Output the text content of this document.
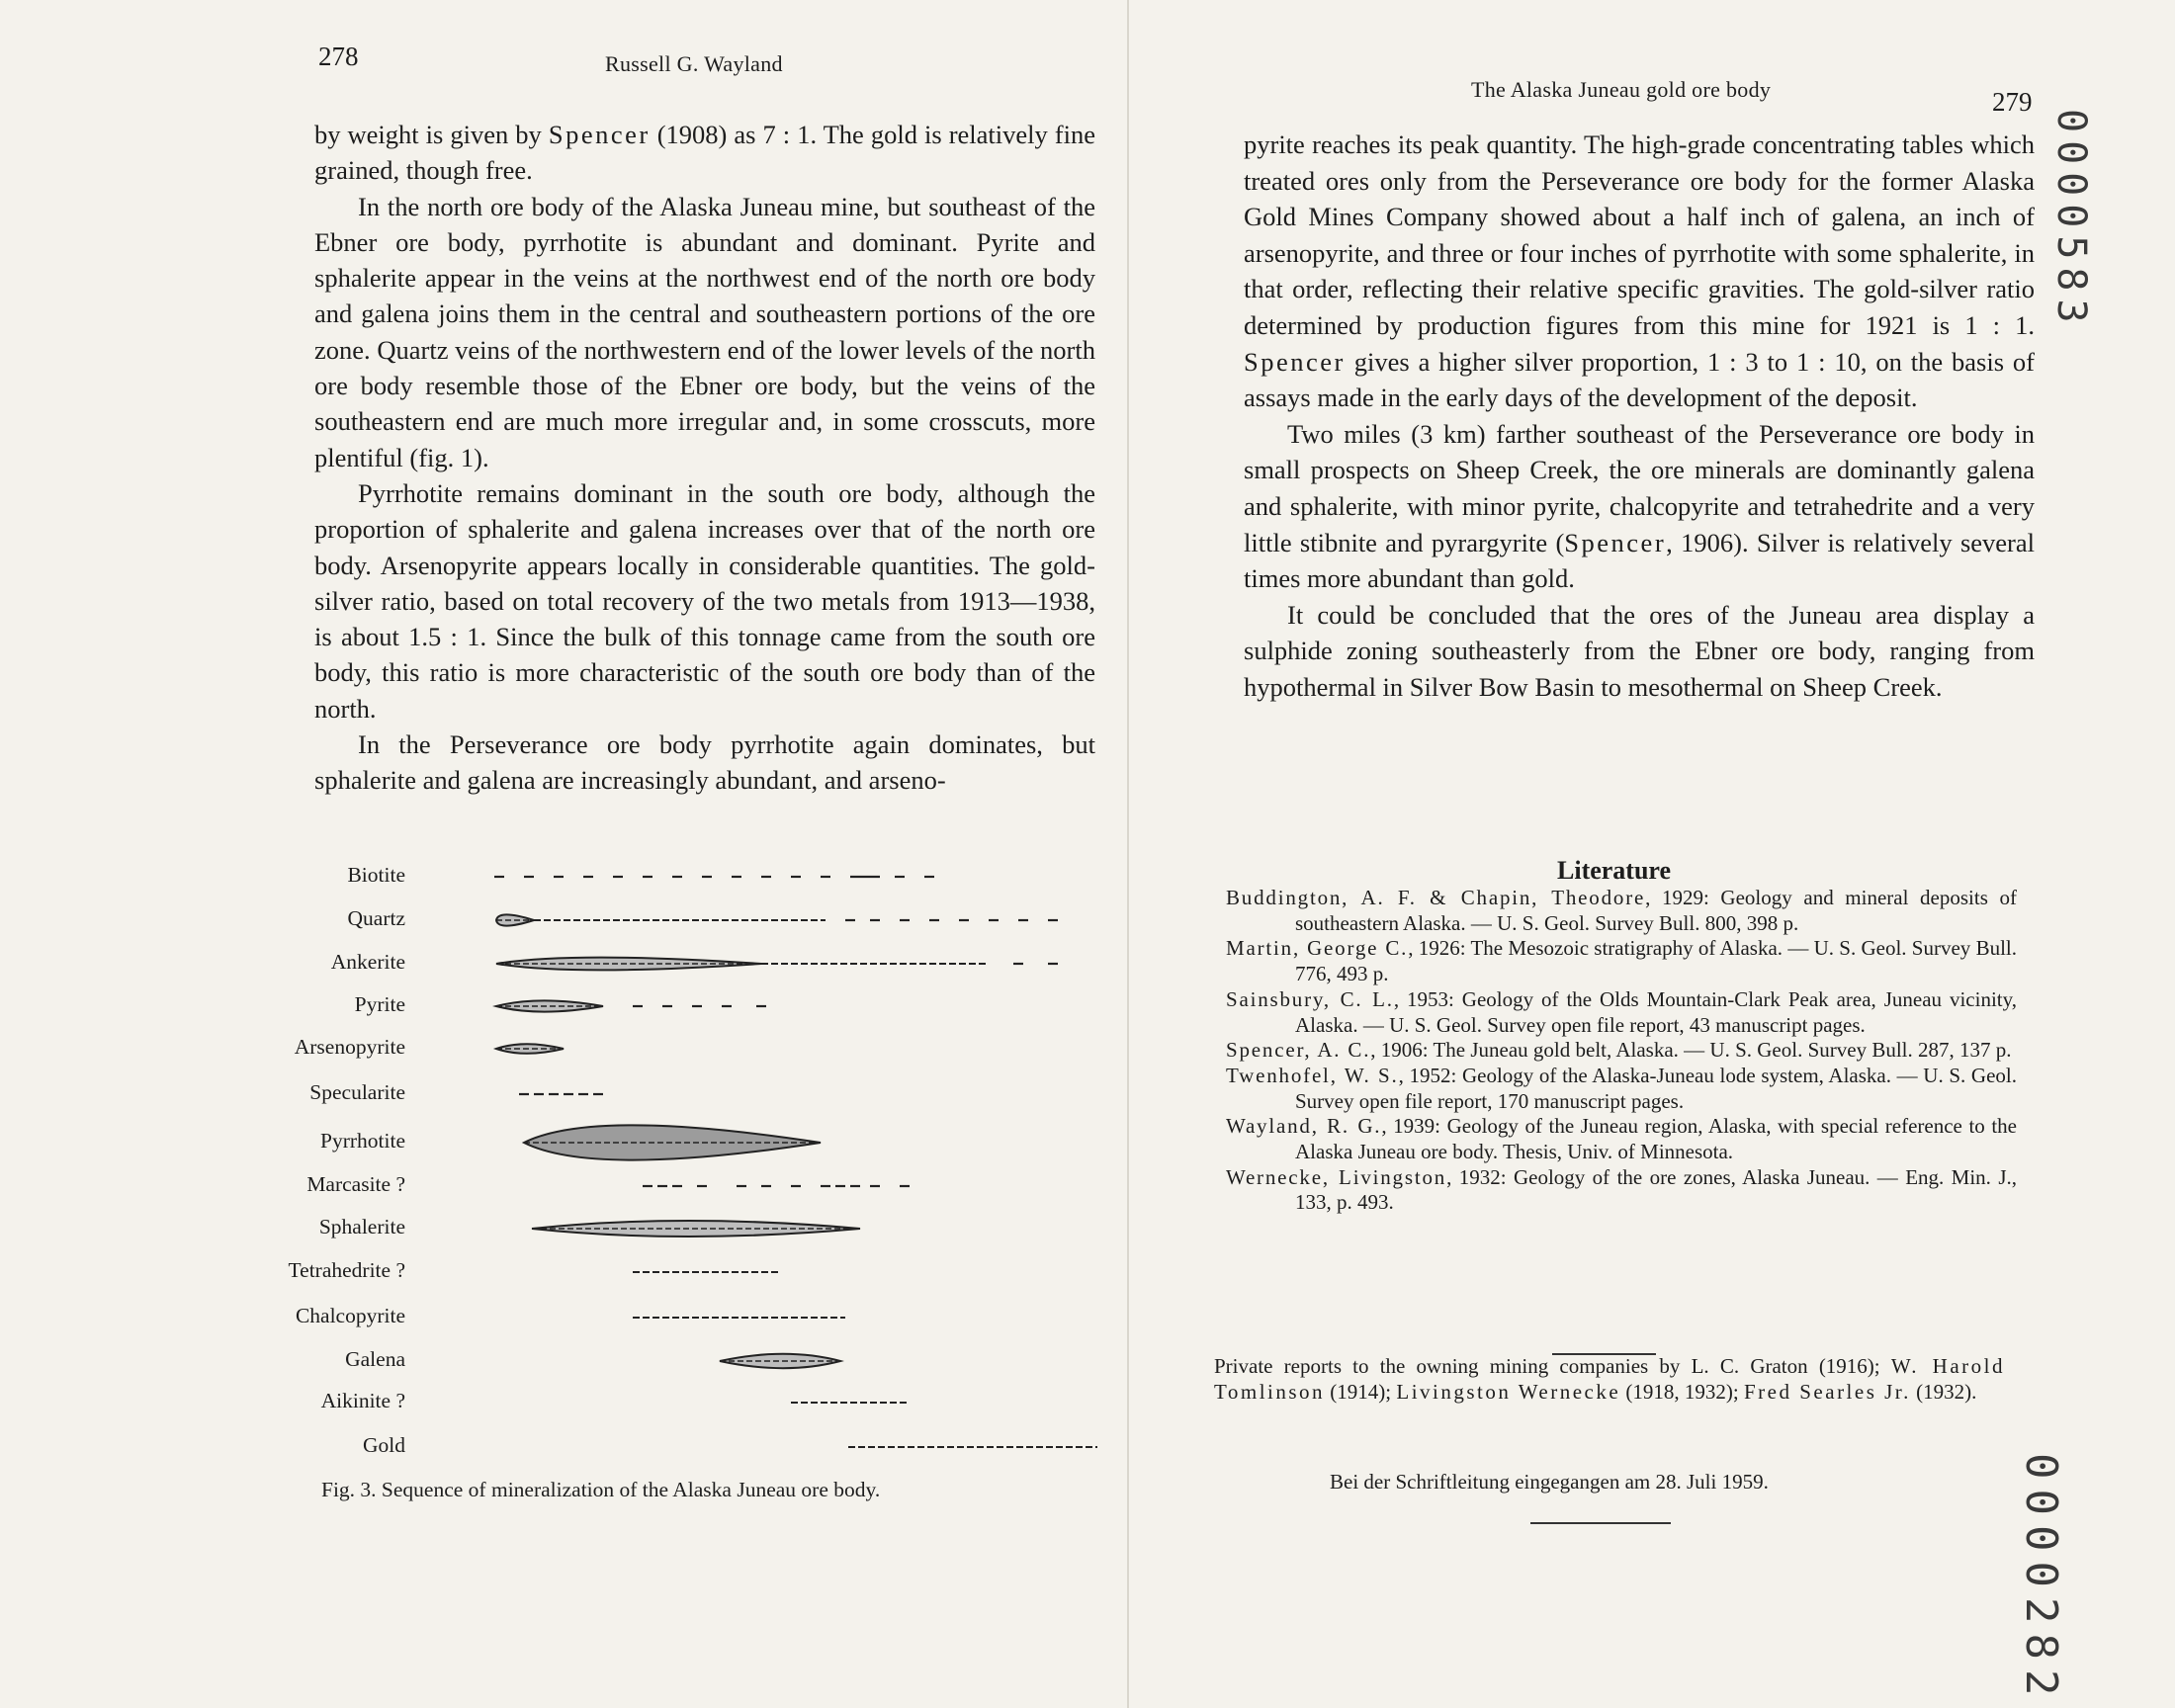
278	Russell G. Wayland

by weight is given by Spencer (1908) as 7 : 1. The gold is relatively fine grained, though free.

In the north ore body of the Alaska Juneau mine, but southeast of the Ebner ore body, pyrrhotite is abundant and dominant. Pyrite and sphalerite appear in the veins at the northwest end of the north ore body and galena joins them in the central and southeastern portions of the ore zone. Quartz veins of the northwestern end of the lower levels of the north ore body resemble those of the Ebner ore body, but the veins of the southeastern end are much more irregular and, in some crosscuts, more plentiful (fig. 1).

Pyrrhotite remains dominant in the south ore body, although the proportion of sphalerite and galena increases over that of the north ore body. Arsenopyrite appears locally in considerable quantities. The gold-silver ratio, based on total recovery of the two metals from 1913—1938, is about 1.5 : 1. Since the bulk of this tonnage came from the south ore body, this ratio is more characteristic of the south ore body than of the north.

In the Perseverance ore body pyrrhotite again dominates, but sphalerite and galena are increasingly abundant, and arseno-

Biotite
Quartz
Ankerite
Pyrite
Arsenopyrite
Specularite
Pyrrhotite
Marcasite ?
Sphalerite
Tetrahedrite ?
Chalcopyrite
Galena
Aikinite ?
Gold
Fig. 3. Sequence of mineralization of the Alaska Juneau ore body.
The Alaska Juneau gold ore body	279

pyrite reaches its peak quantity. The high-grade concentrating tables which treated ores only from the Perseverance ore body for the former Alaska Gold Mines Company showed about a half inch of galena, an inch of arsenopyrite, and three or four inches of pyrrhotite with some sphalerite, in that order, reflecting their relative specific gravities. The gold-silver ratio determined by production figures from this mine for 1921 is 1 : 1. Spencer gives a higher silver proportion, 1 : 3 to 1 : 10, on the basis of assays made in the early days of the development of the deposit.

Two miles (3 km) farther southeast of the Perseverance ore body in small prospects on Sheep Creek, the ore minerals are dominantly galena and sphalerite, with minor pyrite, chalcopyrite and tetrahedrite and a very little stibnite and pyrargyrite (Spencer, 1906). Silver is relatively several times more abundant than gold.

It could be concluded that the ores of the Juneau area display a sulphide zoning southeasterly from the Ebner ore body, ranging from hypothermal in Silver Bow Basin to mesothermal on Sheep Creek.

Literature

Buddington, A. F. & Chapin, Theodore, 1929: Geology and mineral deposits of southeastern Alaska. — U. S. Geol. Survey Bull. 800, 398 p.

Martin, George C., 1926: The Mesozoic stratigraphy of Alaska. — U. S. Geol. Survey Bull. 776, 493 p.

Sainsbury, C. L., 1953: Geology of the Olds Mountain-Clark Peak area, Juneau vicinity, Alaska. — U. S. Geol. Survey open file report, 43 manuscript pages.

Spencer, A. C., 1906: The Juneau gold belt, Alaska. — U. S. Geol. Survey Bull. 287, 137 p.

Twenhofel, W. S., 1952: Geology of the Alaska-Juneau lode system, Alaska. — U. S. Geol. Survey open file report, 170 manuscript pages.

Wayland, R. G., 1939: Geology of the Juneau region, Alaska, with special reference to the Alaska Juneau ore body. Thesis, Univ. of Minnesota.

Wernecke, Livingston, 1932: Geology of the ore zones, Alaska Juneau. — Eng. Min. J., 133, p. 493.

Private reports to the owning mining companies by L. C. Graton (1916); W. Harold Tomlinson (1914); Livingston Wernecke (1918, 1932); Fred Searles Jr. (1932).
Bei der Schriftleitung eingegangen am 28. Juli 1959.
0000583
0000282
